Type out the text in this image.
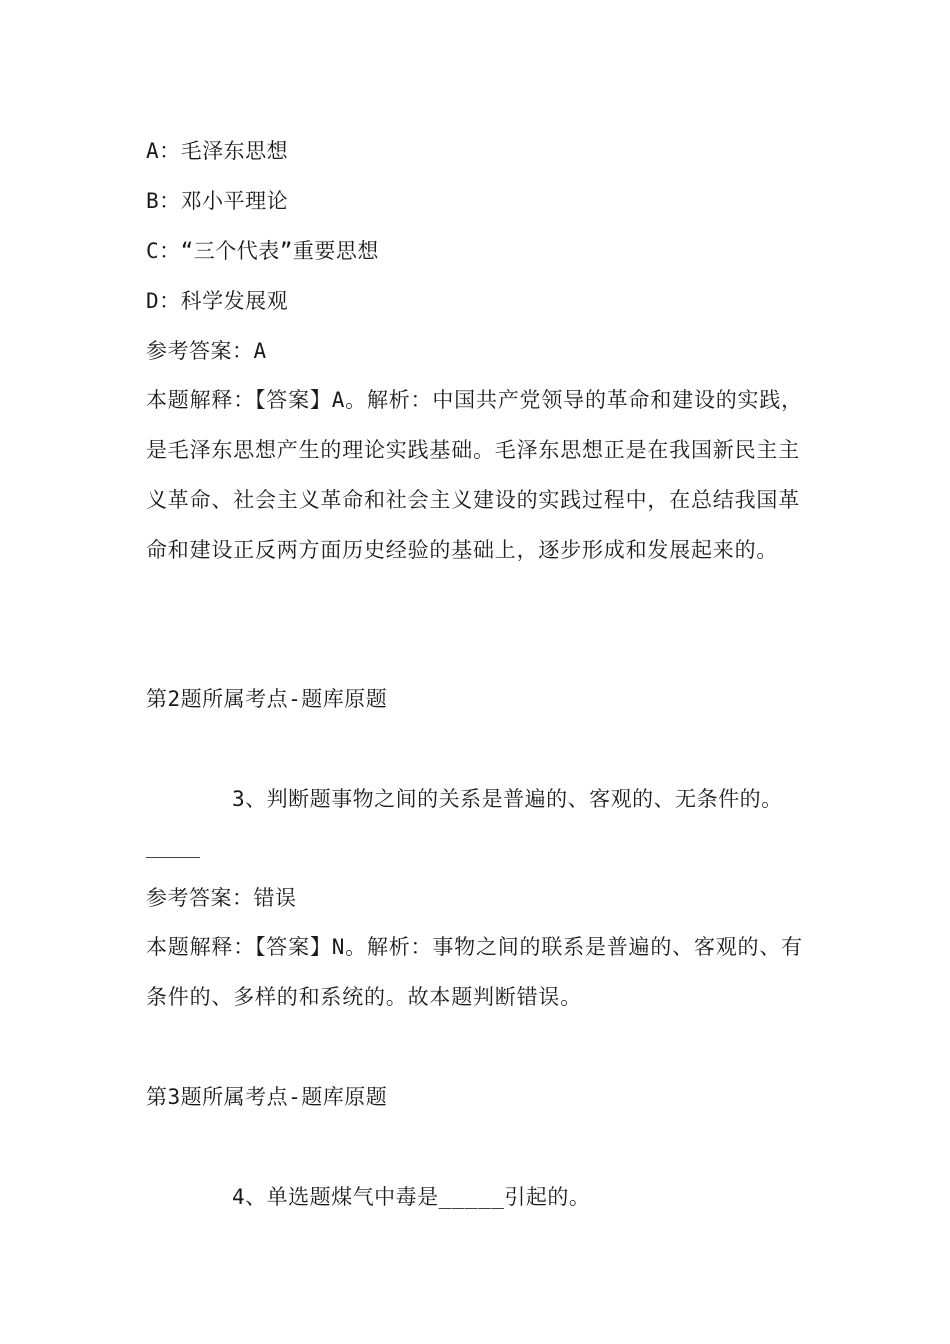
A：毛泽东思想
B：邓小平理论
C：“三个代表”重要思想
D：科学发展观
参考答案：A
本题解释：【答案】A。解析：中国共产党领导的革命和建设的实践，是毛泽东思想产生的理论实践基础。毛泽东思想正是在我国新民主主义革命、社会主义革命和社会主义建设的实践过程中，在总结我国革命和建设正反两方面历史经验的基础上，逐步形成和发展起来的。
第2题所属考点-题库原题
3、判断题事物之间的关系是普遍的、客观的、无条件的。
参考答案：错误
本题解释：【答案】N。解析：事物之间的联系是普遍的、客观的、有条件的、多样的和系统的。故本题判断错误。
第3题所属考点-题库原题
4、单选题煤气中毒是_____引起的。
